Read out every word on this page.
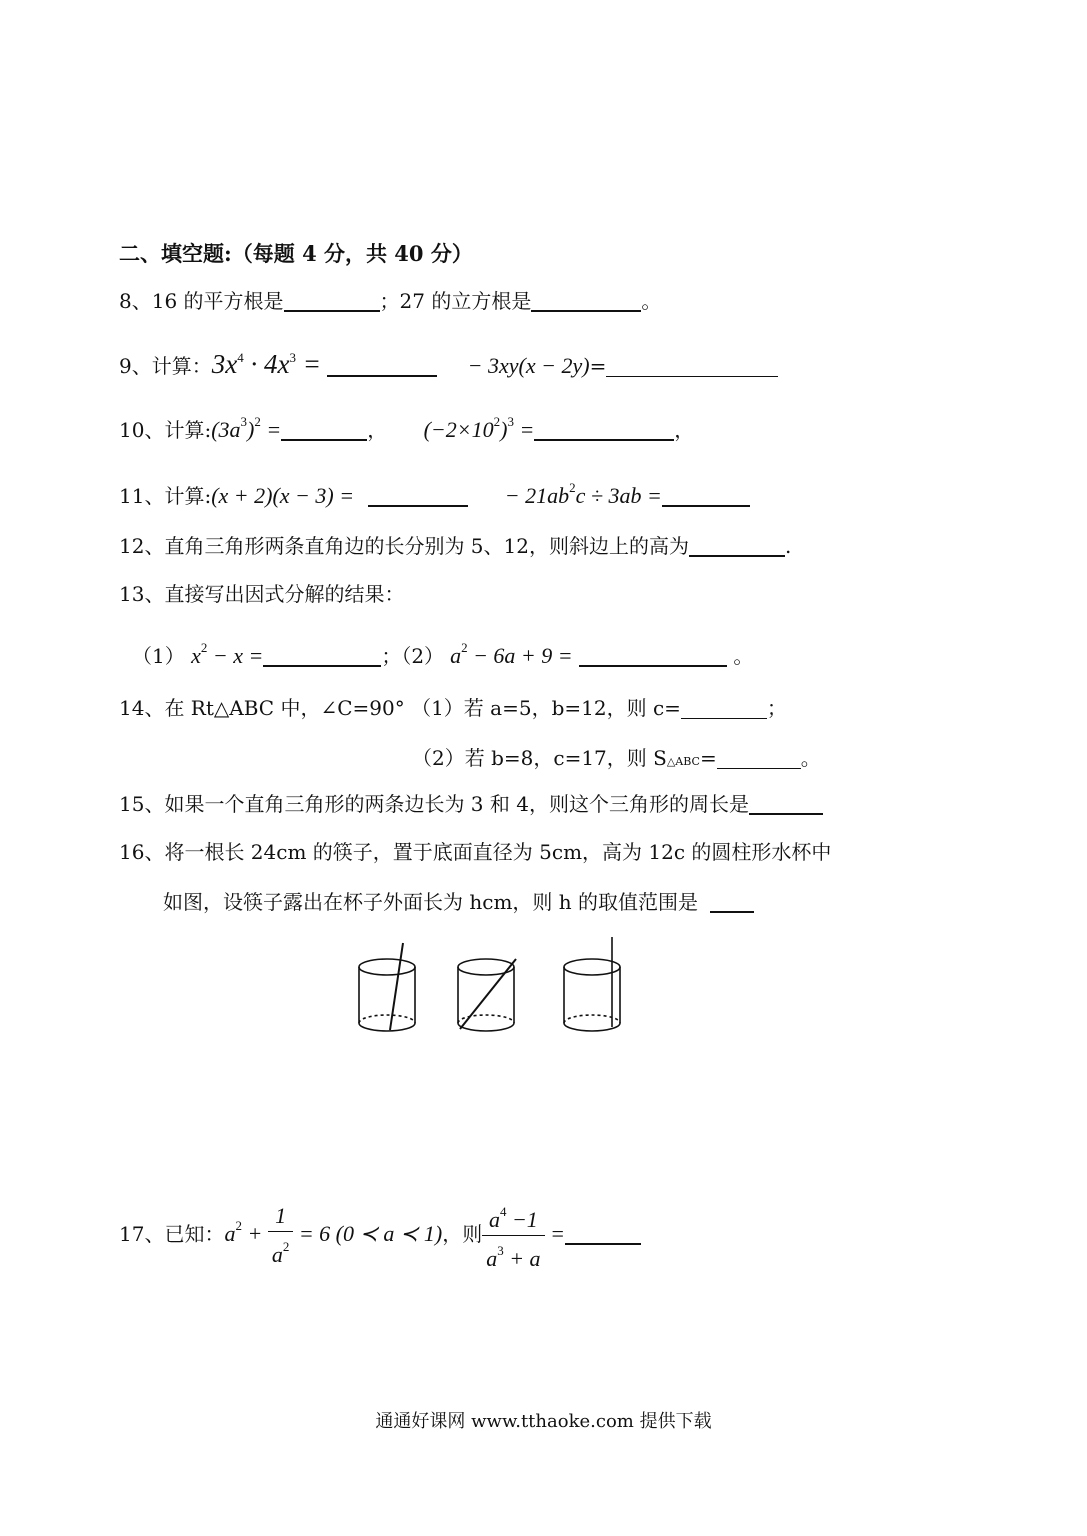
二、填空题:（每题 4 分，共 40 分）
8、16 的平方根是	；27 的立方根是	。
9、计算：$3x^4 \cdot 4x^3$ =	− 3xy(x − 2y)=
10、计算$:(3a^3)^2$ =	， $(-2\times 10^2)^3$ =	，
11、计算:(x + 2)(x − 3) =	− $21ab^2c \div 3ab$ =
12、直角三角形两条直角边的长分别为 5、12，则斜边上的高为	.
13、直接写出因式分解的结果：
（1） $x^2 - x$ =	；（2） $a^2 - 6a + 9$ =	。
14、在 Rt△ABC 中，∠C=90° （1）若 a=5，b=12，则 c=	；
（2）若 b=8，c=17，则 S△ABC=	。
15、如果一个直角三角形的两条边长为 3 和 4，则这个三角形的周长是
16、将一根长 24cm 的筷子，置于底面直径为 5cm，高为 12c 的圆柱形水杯中
如图，设筷子露出在杯子外面长为 hcm，则 h 的取值范围是
17、已知：$a^2 + \frac{1}{a^2} = 6$ (0 ≺ a ≺ 1)，则 $\frac{a^4 -1}{a^3 + a}$ =
通通好课网 www.tthaoke.com 提供下载
